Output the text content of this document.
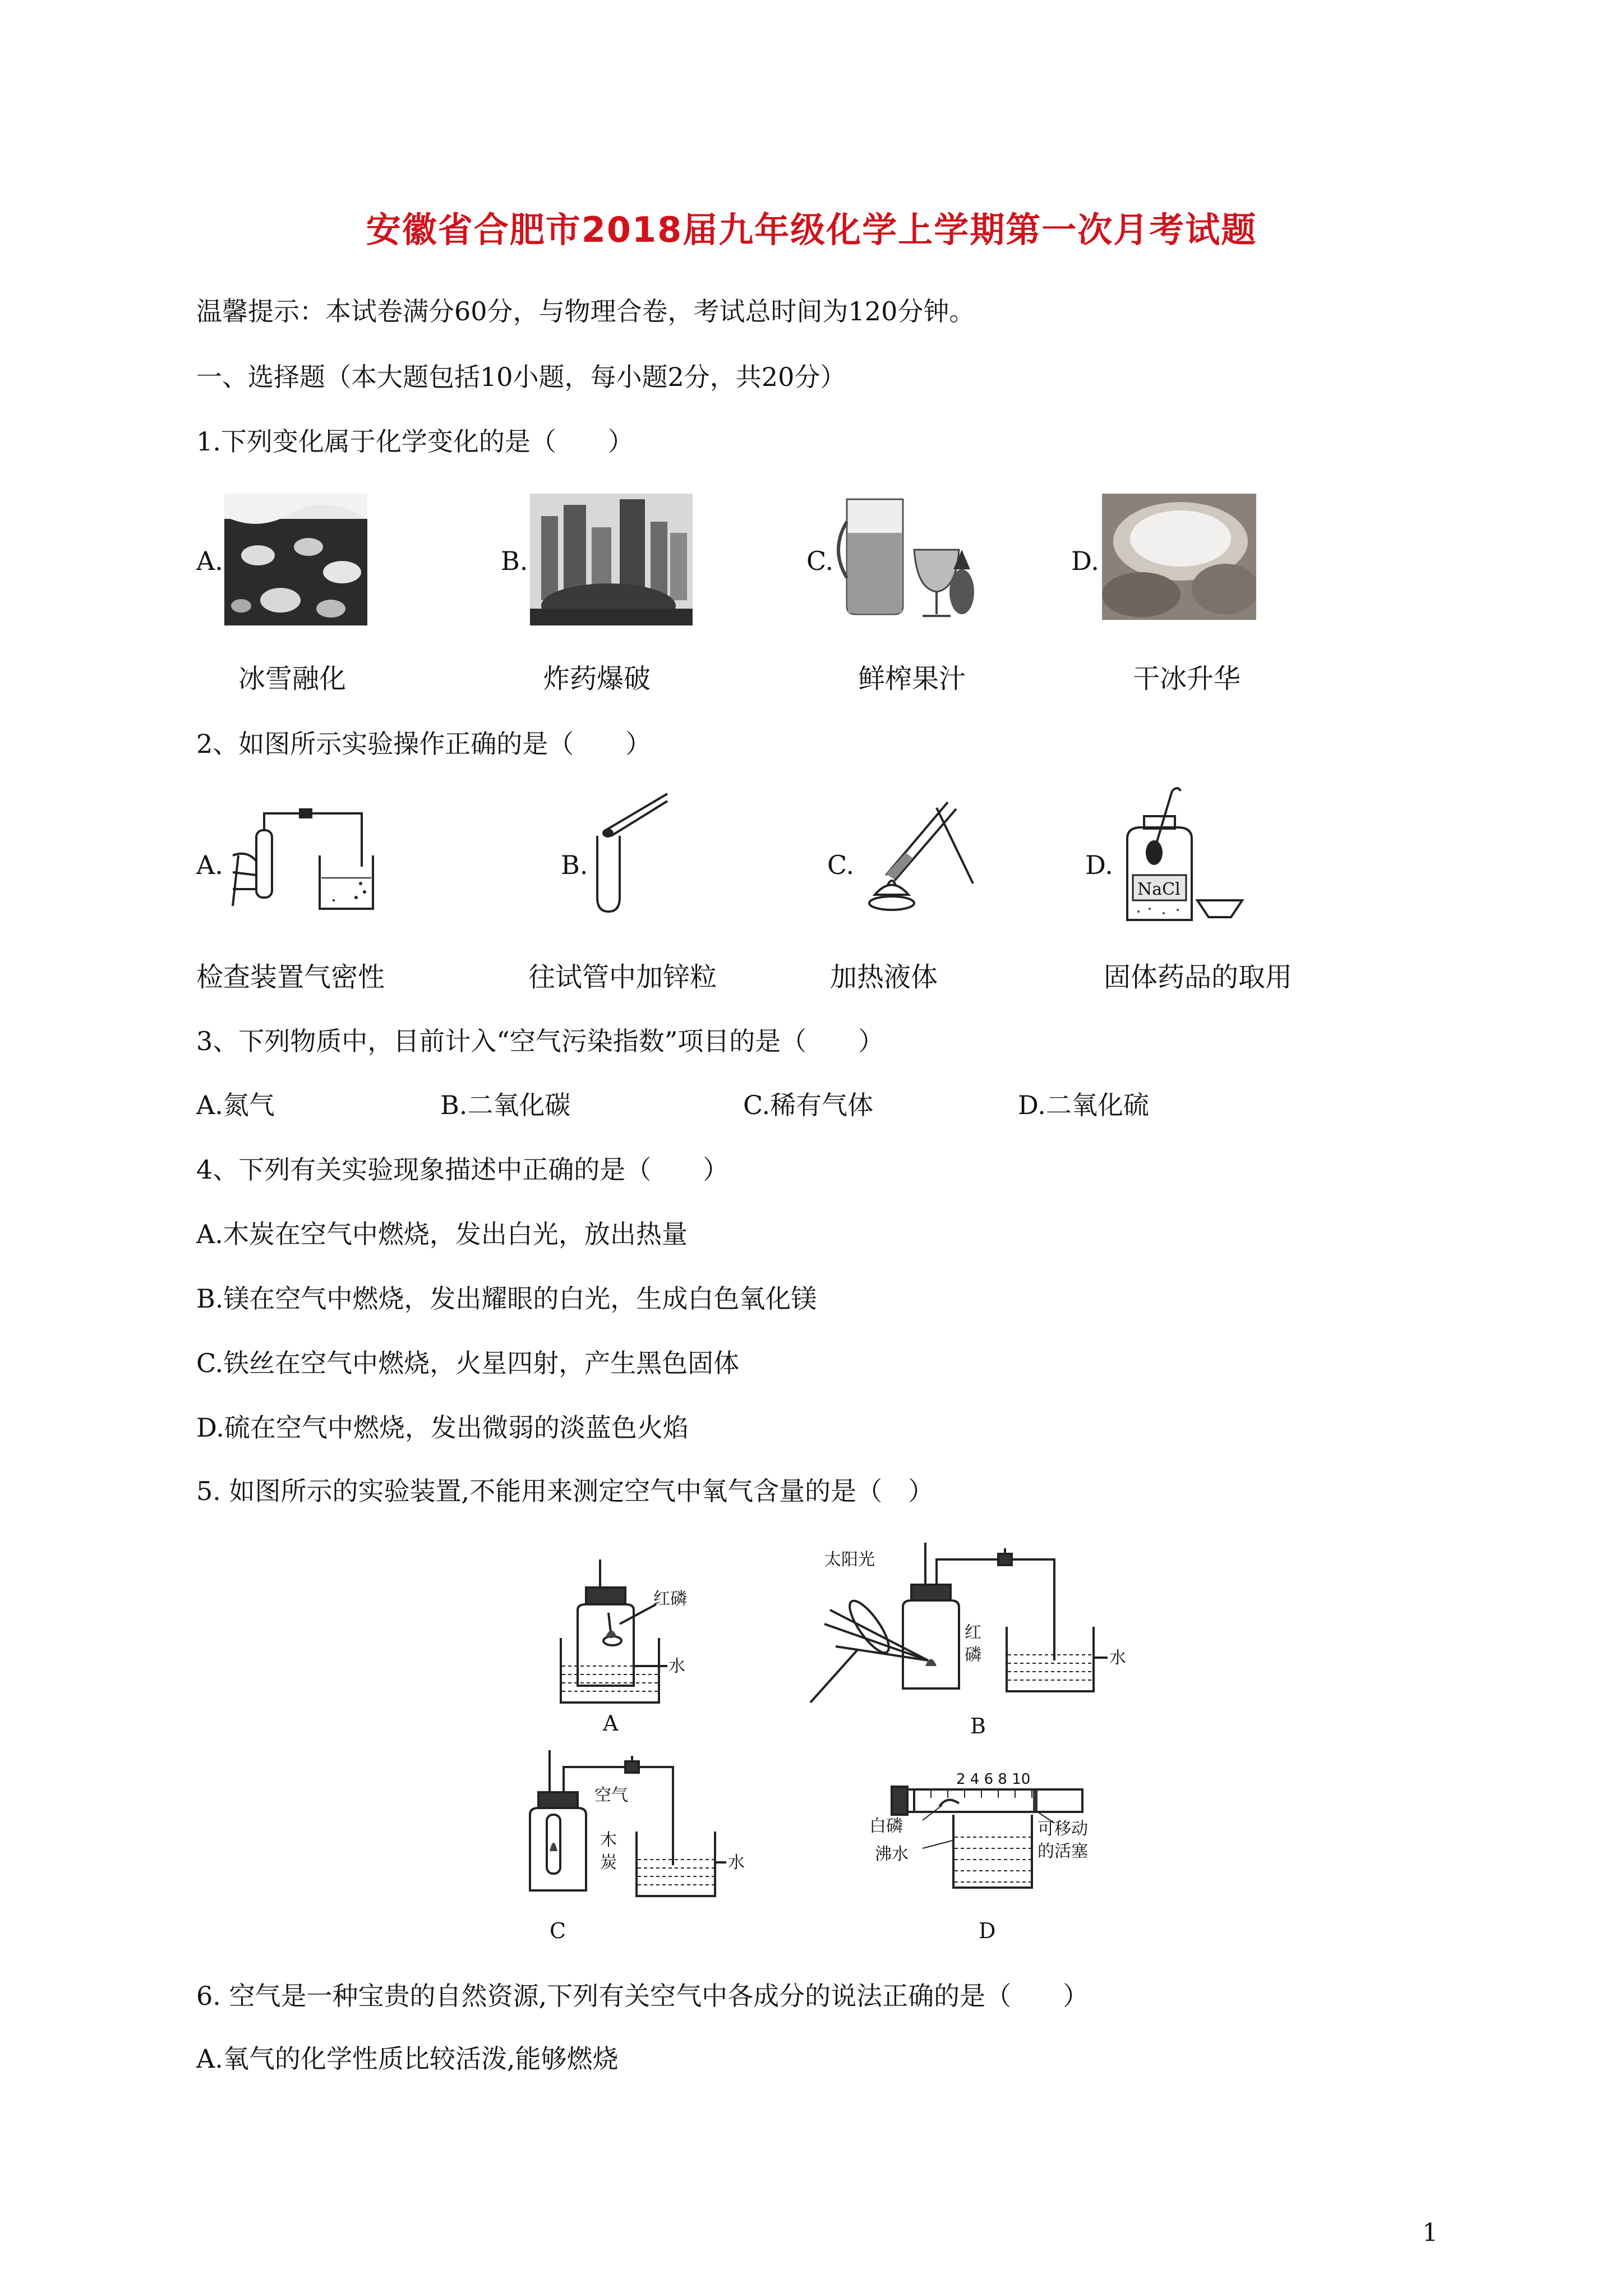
安徽省合肥市2018届九年级化学上学期第一次月考试题
温馨提示：本试卷满分60分，与物理合卷，考试总时间为120分钟。
一、选择题（本大题包括10小题，每小题2分，共20分）
1.下列变化属于化学变化的是（　　）
A.
冰雪融化
B.
炸药爆破
C.
鲜榨果汁
D.
干冰升华
2、如图所示实验操作正确的是（　　）
A.
检查装置气密性
B.
往试管中加锌粒
C.
加热液体
D.
NaCl
固体药品的取用
3、下列物质中，目前计入“空气污染指数”项目的是（　　）
A.氮气	B.二氧化碳	C.稀有气体	D.二氧化硫
4、下列有关实验现象描述中正确的是（　　）
A.木炭在空气中燃烧，发出白光，放出热量
B.镁在空气中燃烧，发出耀眼的白光，生成白色氧化镁
C.铁丝在空气中燃烧，火星四射，产生黑色固体
D.硫在空气中燃烧，发出微弱的淡蓝色火焰
5. 如图所示的实验装置,不能用来测定空气中氧气含量的是（　）
红磷
水
A
太阳光
红
磷	水
B
空气
木
炭	水
C
2 4 6 8 10
白磷
沸水
可移动
的活塞
D
6. 空气是一种宝贵的自然资源,下列有关空气中各成分的说法正确的是（　　）
A.氧气的化学性质比较活泼,能够燃烧
1
